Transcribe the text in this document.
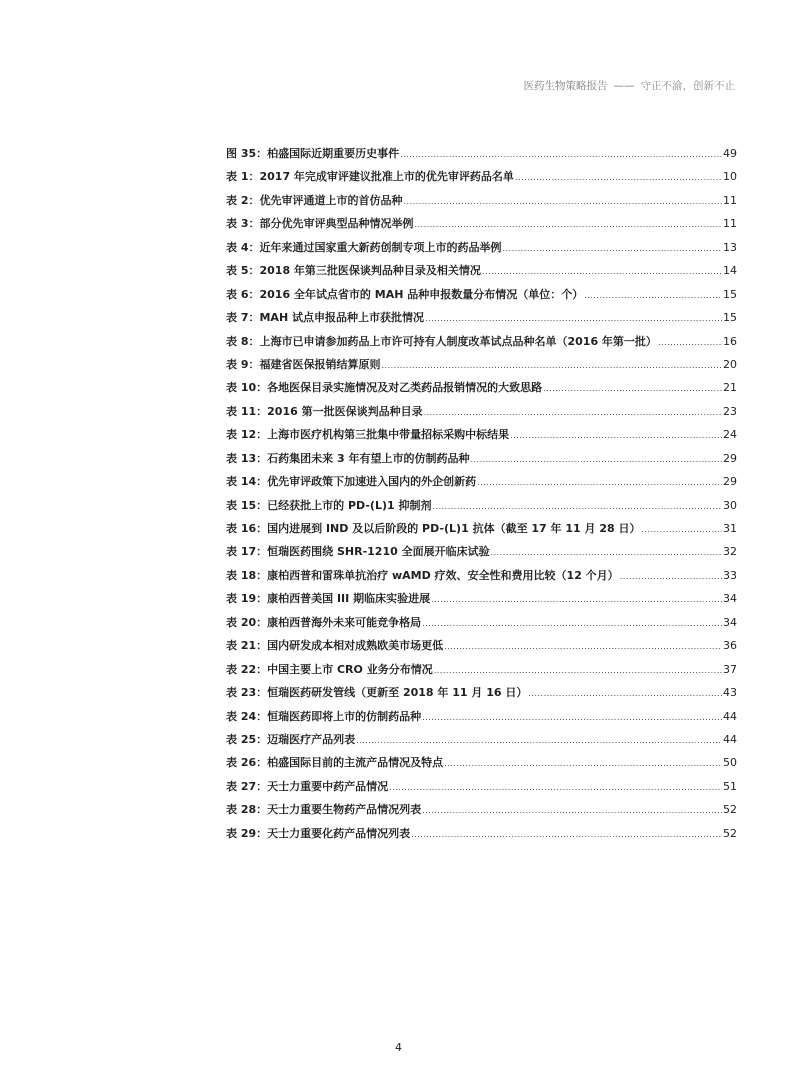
医药生物策略报告 —— 守正不渝，创新不止
图 35：柏盛国际近期重要历史事件 .....	49
表 1：2017 年完成审评建议批准上市的优先审评药品名单 .....	10
表 2：优先审评通道上市的首仿品种 .....	11
表 3：部分优先审评典型品种情况举例 .....	11
表 4：近年来通过国家重大新药创制专项上市的药品举例 .....	13
表 5：2018 年第三批医保谈判品种目录及相关情况 .....	14
表 6：2016 全年试点省市的 MAH 品种申报数量分布情况（单位：个） .....	15
表 7：MAH 试点申报品种上市获批情况 .....	15
表 8：上海市已申请参加药品上市许可持有人制度改革试点品种名单（2016 年第一批） .....	16
表 9：福建省医保报销结算原则 .....	20
表 10：各地医保目录实施情况及对乙类药品报销情况的大致思路 .....	21
表 11：2016 第一批医保谈判品种目录 .....	23
表 12：上海市医疗机构第三批集中带量招标采购中标结果 .....	24
表 13：石药集团未来 3 年有望上市的仿制药品种 .....	29
表 14：优先审评政策下加速进入国内的外企创新药 .....	29
表 15：已经获批上市的 PD-(L)1 抑制剂 .....	30
表 16：国内进展到 IND 及以后阶段的 PD-(L)1 抗体（截至 17 年 11 月 28 日） .....	31
表 17：恒瑞医药围绕 SHR-1210 全面展开临床试验 .....	32
表 18：康柏西普和雷珠单抗治疗 wAMD 疗效、安全性和费用比较（12 个月） .....	33
表 19：康柏西普美国 III 期临床实验进展 .....	34
表 20：康柏西普海外未来可能竞争格局 .....	34
表 21：国内研发成本相对成熟欧美市场更低 .....	36
表 22：中国主要上市 CRO 业务分布情况 .....	37
表 23：恒瑞医药研发管线（更新至 2018 年 11 月 16 日） .....	43
表 24：恒瑞医药即将上市的仿制药品种 .....	44
表 25：迈瑞医疗产品列表 .....	44
表 26：柏盛国际目前的主流产品情况及特点 .....	50
表 27：天士力重要中药产品情况 .....	51
表 28：天士力重要生物药产品情况列表 .....	52
表 29：天士力重要化药产品情况列表 .....	52
4
